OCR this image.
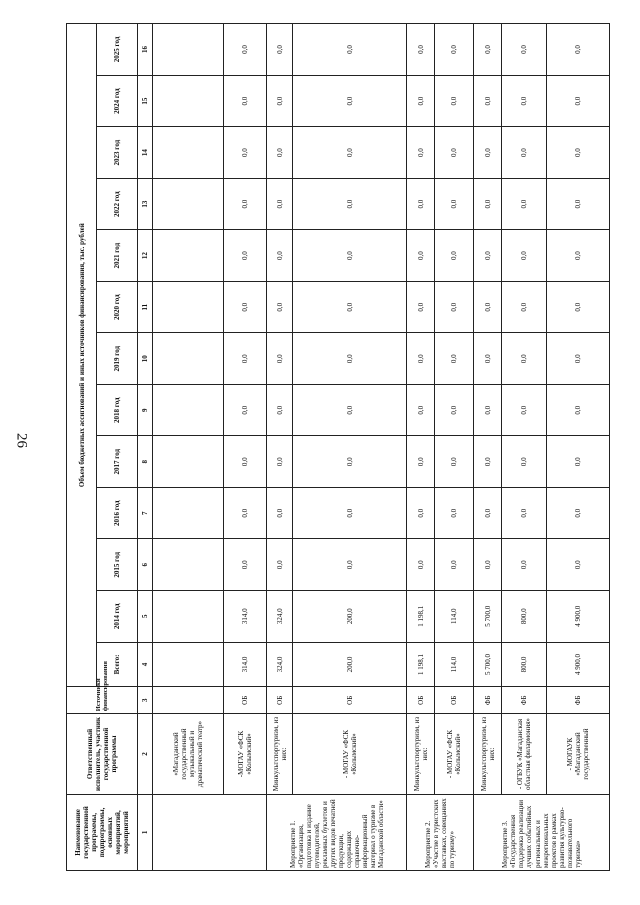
26
Наименование государственной программы, подпрограммы, основных мероприятий, мероприятий	Ответственный исполнитель, участник государственной программы	Источники финансирования	Объем бюджетных ассигнований и иных источников финансирования, тыс. рублей												
			Всего:	2014 год	2015 год	2016 год	2017 год	2018 год	2019 год	2020 год	2021 год	2022 год	2023 год	2024 год	2025 год
1	2	3	4	5	6	7	8	9	10	11	12	13	14	15	16
	«Магаданский государственный музыкальный и драматический театр»														
	-МОГАУ «ФСК «Колымский»	ОБ	314,0	314,0	0,0	0,0	0,0	0,0	0,0	0,0	0,0	0,0	0,0	0,0	0,0
Мероприятие 1. «Организация, подготовка и издание путеводителей, рекламных буклетов и других видов печатной продукции, содержащих справочно-информационный материал о туризме в Магаданской области»	Минкультспортуризм, из них:	ОБ	324,0	324,0	0,0	0,0	0,0	0,0	0,0	0,0	0,0	0,0	0,0	0,0	0,0
	- МОГАУ «ФСК «Колымский»	ОБ	200,0	200,0	0,0	0,0	0,0	0,0	0,0	0,0	0,0	0,0	0,0	0,0	0,0
Мероприятие 2. «Участие в туристских выставках, совещаниях по туризму»	Минкультспортуризм, из них:	ОБ	1 198,1	1 198,1	0,0	0,0	0,0	0,0	0,0	0,0	0,0	0,0	0,0	0,0	0,0
	- МОГАУ «ФСК «Колымский»	ОБ	114,0	114,0	0,0	0,0	0,0	0,0	0,0	0,0	0,0	0,0	0,0	0,0	0,0
Мероприятие 3. «Государственная поддержка реализации лучших событийных региональных и межрегиональных проектов в рамках развития культурно-познавательного туризма»	Минкультспортуризм, из них:	ФБ	5 700,0	5 700,0	0,0	0,0	0,0	0,0	0,0	0,0	0,0	0,0	0,0	0,0	0,0
	- ОГБУК «Магаданская областная филармония»	ФБ	800,0	800,0	0,0	0,0	0,0	0,0	0,0	0,0	0,0	0,0	0,0	0,0	0,0
	- МОГАУК «Магаданский государственный	ФБ	4 900,0	4 900,0	0,0	0,0	0,0	0,0	0,0	0,0	0,0	0,0	0,0	0,0	0,0
